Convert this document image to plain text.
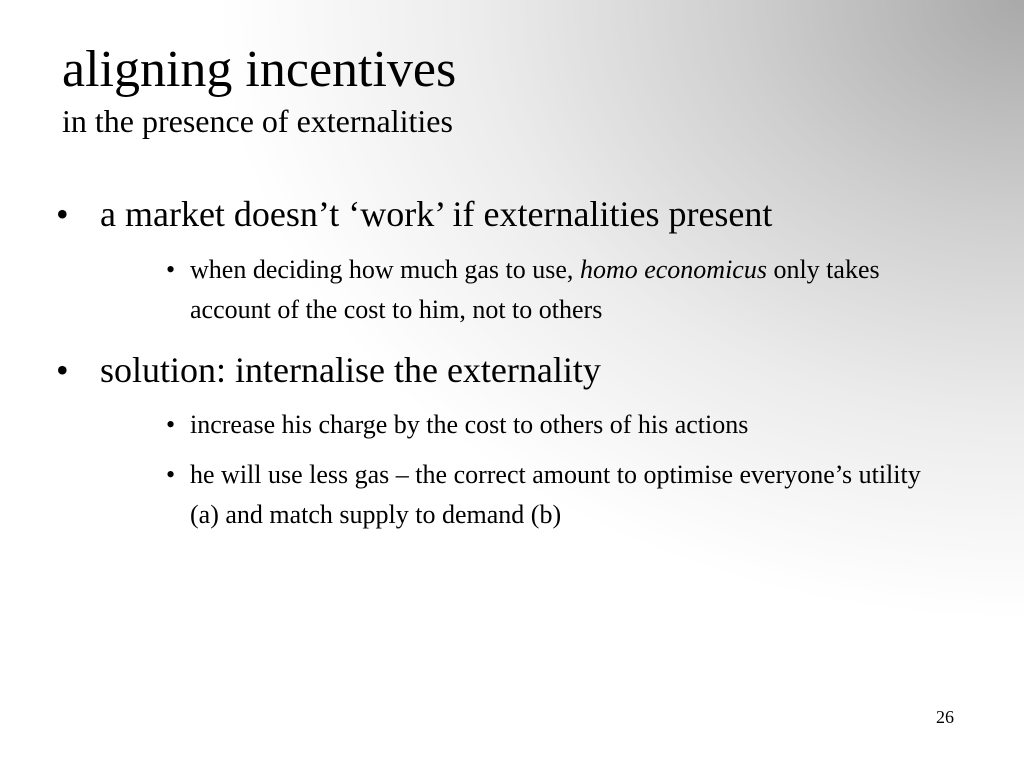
aligning incentives
in the presence of externalities
• a market doesn’t ‘work’ if externalities present
• when deciding how much gas to use, homo economicus only takes account of the cost to him, not to others
• solution: internalise the externality
• increase his charge by the cost to others of his actions
• he will use less gas – the correct amount to optimise everyone’s utility (a) and match supply to demand (b)
26
